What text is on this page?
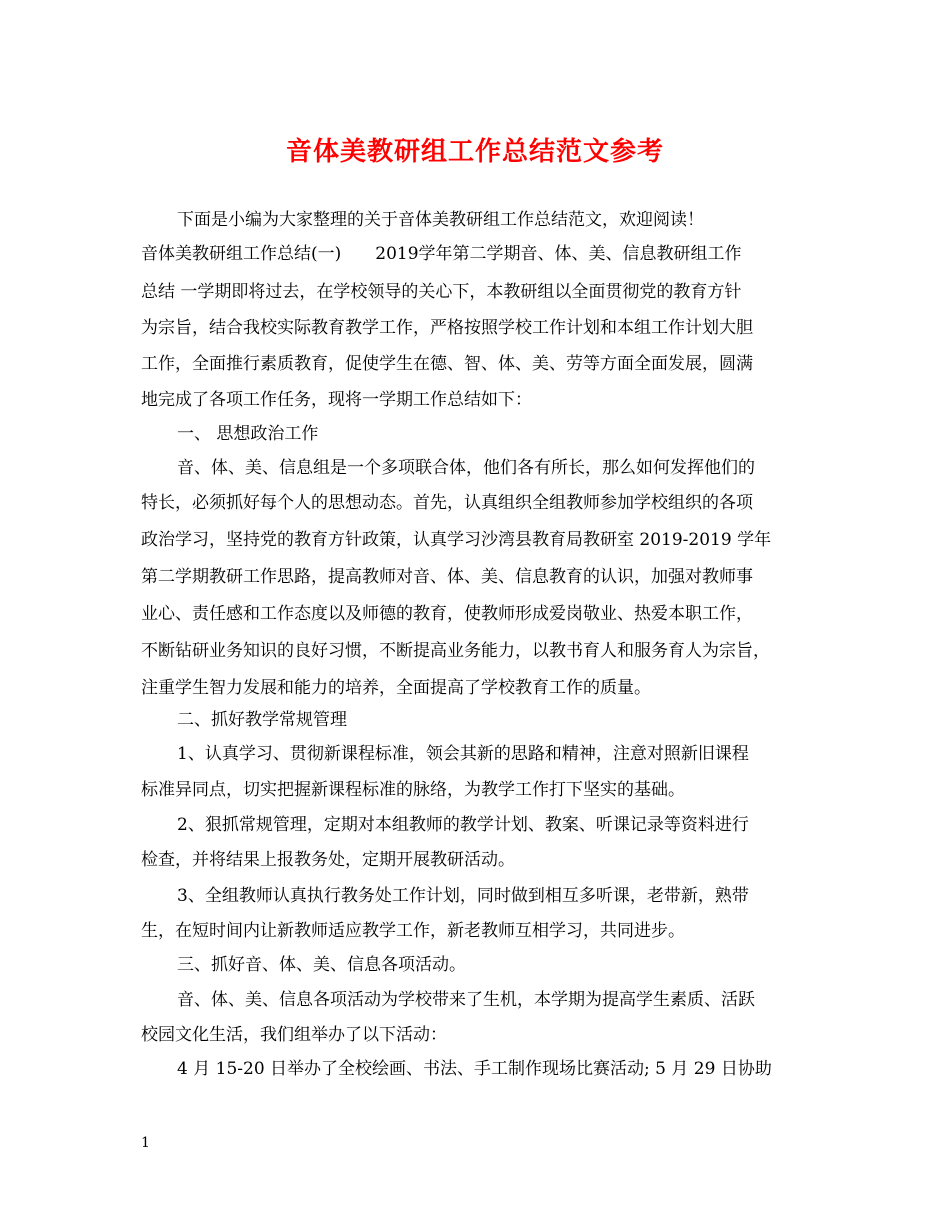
音体美教研组工作总结范文参考
下面是小编为大家整理的关于音体美教研组工作总结范文，欢迎阅读！
音体美教研组工作总结(一)　　2019学年第二学期音、体、美、信息教研组工作
总结 一学期即将过去，在学校领导的关心下，本教研组以全面贯彻党的教育方针
为宗旨，结合我校实际教育教学工作，严格按照学校工作计划和本组工作计划大胆
工作，全面推行素质教育，促使学生在德、智、体、美、劳等方面全面发展，圆满
地完成了各项工作任务，现将一学期工作总结如下：
一、 思想政治工作
音、体、美、信息组是一个多项联合体，他们各有所长，那么如何发挥他们的
特长，必须抓好每个人的思想动态。首先，认真组织全组教师参加学校组织的各项
政治学习，坚持党的教育方针政策，认真学习沙湾县教育局教研室 2019-2019 学年
第二学期教研工作思路，提高教师对音、体、美、信息教育的认识，加强对教师事
业心、责任感和工作态度以及师德的教育，使教师形成爱岗敬业、热爱本职工作，
不断钻研业务知识的良好习惯，不断提高业务能力，以教书育人和服务育人为宗旨，
注重学生智力发展和能力的培养，全面提高了学校教育工作的质量。
二、抓好教学常规管理
1、认真学习、贯彻新课程标准，领会其新的思路和精神，注意对照新旧课程
标准异同点，切实把握新课程标准的脉络，为教学工作打下坚实的基础。
2、狠抓常规管理，定期对本组教师的教学计划、教案、听课记录等资料进行
检查，并将结果上报教务处，定期开展教研活动。
3、全组教师认真执行教务处工作计划，同时做到相互多听课，老带新，熟带
生，在短时间内让新教师适应教学工作，新老教师互相学习，共同进步。
三、抓好音、体、美、信息各项活动。
音、体、美、信息各项活动为学校带来了生机，本学期为提高学生素质、活跃
校园文化生活，我们组举办了以下活动：
4 月 15-20 日举办了全校绘画、书法、手工制作现场比赛活动; 5 月 29 日协助
1
